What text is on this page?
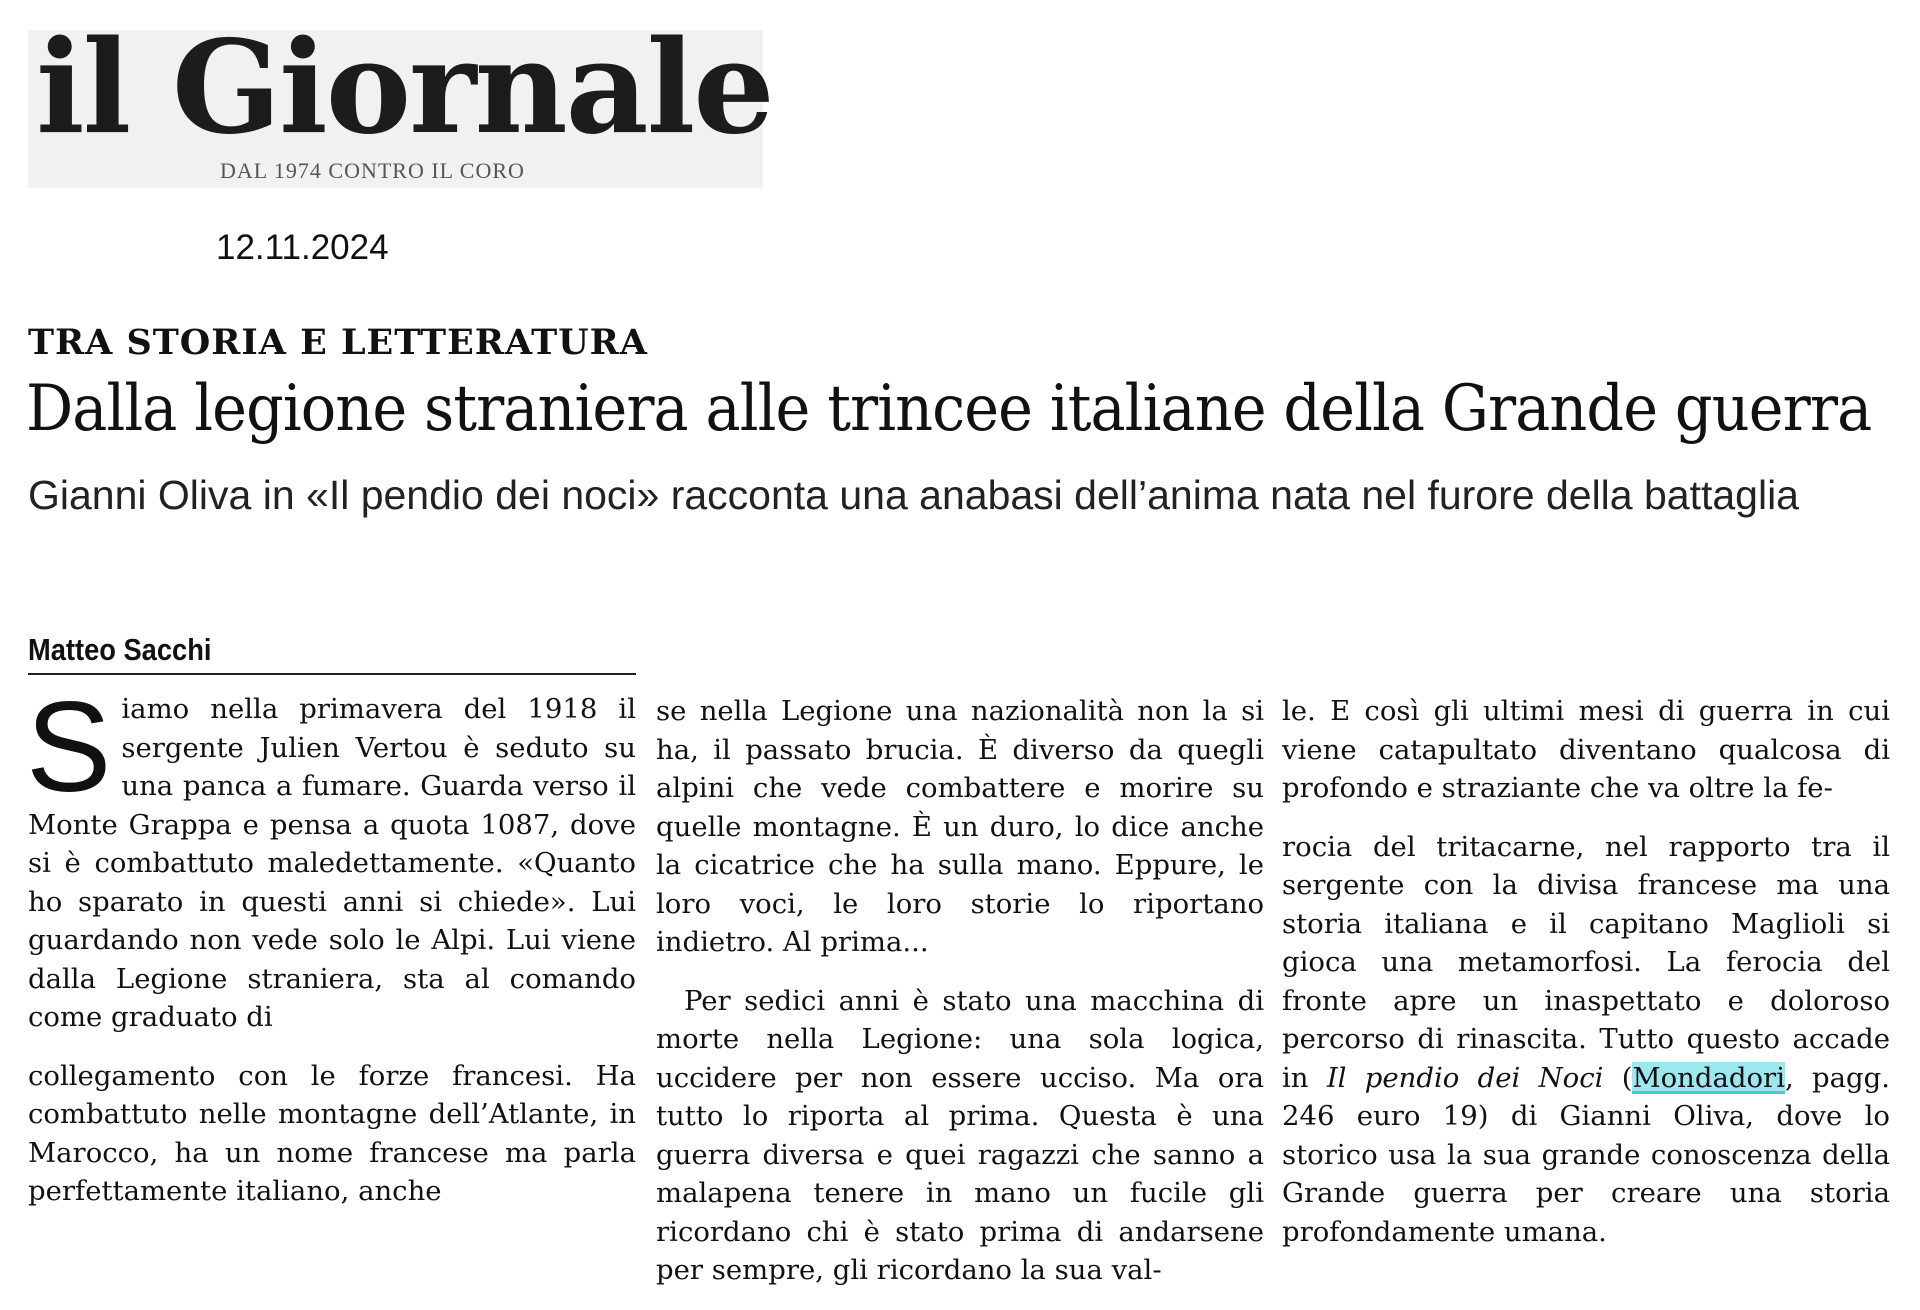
il Giornale
DAL 1974 CONTRO IL CORO
12.11.2024
TRA STORIA E LETTERATURA
Dalla legione straniera alle trincee italiane della Grande guerra
Gianni Oliva in «Il pendio dei noci» racconta una anabasi dell’anima nata nel furore della battaglia
Matteo Sacchi

Siamo nella primavera del 1918 il sergente Julien Vertou è seduto su una panca a fumare. Guarda verso il Monte Grappa e pensa a quota 1087, dove si è combattuto maledettamente. «Quanto ho sparato in questi anni si chiede». Lui guardando non vede solo le Alpi. Lui viene dalla Legione straniera, sta al comando come graduato di

collegamento con le forze francesi. Ha combattuto nelle montagne dell’Atlante, in Marocco, ha un nome francese ma parla perfettamente italiano, anche

se nella Legione una nazionalità non la si ha, il passato brucia. È diverso da quegli alpini che vede combattere e morire su quelle montagne. È un duro, lo dice anche la cicatrice che ha sulla mano. Eppure, le loro voci, le loro storie lo riportano indietro. Al prima...

Per sedici anni è stato una macchina di morte nella Legione: una sola logica, uccidere per non essere ucciso. Ma ora tutto lo riporta al prima. Questa è una guerra diversa e quei ragazzi che sanno a malapena tenere in mano un fucile gli ricordano chi è stato prima di andarsene per sempre, gli ricordano la sua val-

le. E così gli ultimi mesi di guerra in cui viene catapultato diventano qualcosa di profondo e straziante che va oltre la fe-

rocia del tritacarne, nel rapporto tra il sergente con la divisa francese ma una storia italiana e il capitano Maglioli si gioca una metamorfosi. La ferocia del fronte apre un inaspettato e doloroso percorso di rinascita. Tutto questo accade in Il pendio dei Noci (Mondadori, pagg. 246 euro 19) di Gianni Oliva, dove lo storico usa la sua grande conoscenza della Grande guerra per creare una storia profondamente umana.
